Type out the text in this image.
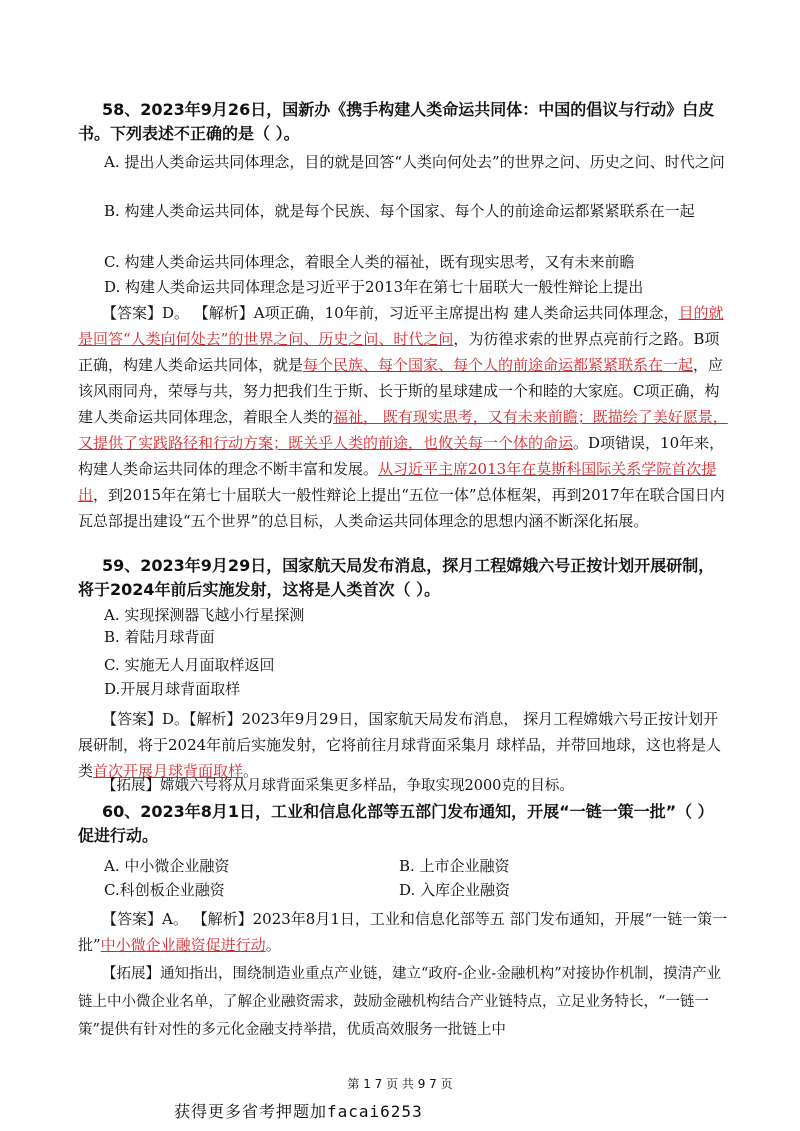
58、2023年9月26日，国新办《携手构建人类命运共同体：中国的倡议与行动》白皮书。下列表述不正确的是（ ）。

A. 提出人类命运共同体理念，目的就是回答“人类向何处去”的世界之问、历史之问、时代之问

B. 构建人类命运共同体，就是每个民族、每个国家、每个人的前途命运都紧紧联系在一起

C. 构建人类命运共同体理念，着眼全人类的福祉，既有现实思考，又有未来前瞻

D. 构建人类命运共同体理念是习近平于2013年在第七十届联大一般性辩论上提出

【答案】D。 【解析】A项正确，10年前，习近平主席提出构 建人类命运共同体理念，目的就是回答“人类向何处去”的世界之问、历史之问、时代之问，为彷徨求索的世界点亮前行之路。B项正确，构建人类命运共同体，就是每个民族、每个国家、每个人的前途命运都紧紧联系在一起，应该风雨同舟，荣辱与共，努力把我们生于斯、长于斯的星球建成一个和睦的大家庭。C项正确，构建人类命运共同体理念，着眼全人类的福祉， 既有现实思考，又有未来前瞻；既描绘了美好愿景，又提供了实践路径和行动方案；既关乎人类的前途，也攸关每一个体的命运。D项错误，10年来，构建人类命运共同体的理念不断丰富和发展。从习近平主席2013年在莫斯科国际关系学院首次提出，到2015年在第七十届联大一般性辩论上提出“五位一体”总体框架，再到2017年在联合国日内瓦总部提出建设“五个世界”的总目标，人类命运共同体理念的思想内涵不断深化拓展。

59、2023年9月29日，国家航天局发布消息，探月工程嫦娥六号正按计划开展研制，将于2024年前后实施发射，这将是人类首次（ ）。

A. 实现探测器飞越小行星探测

B. 着陆月球背面

C. 实施无人月面取样返回

D.开展月球背面取样

【答案】D。【解析】2023年9月29日，国家航天局发布消息， 探月工程嫦娥六号正按计划开展研制，将于2024年前后实施发射，它将前往月球背面采集月 球样品，并带回地球，这也将是人类首次开展月球背面取样。

【拓展】嫦娥六号将从月球背面采集更多样品，争取实现2000克的目标。

60、2023年8月1日，工业和信息化部等五部门发布通知，开展“一链一策一批”（ ）促进行动。

A. 中小微企业融资	B. 上市企业融资
C.科创板企业融资	D. 入库企业融资

【答案】A。 【解析】2023年8月1日，工业和信息化部等五 部门发布通知，开展“一链一策一批”中小微企业融资促进行动。

【拓展】通知指出，围绕制造业重点产业链，建立“政府-企业-金融机构”对接协作机制，摸清产业链上中小微企业名单，了解企业融资需求，鼓励金融机构结合产业链特点，立足业务特长，“一链一策”提供有针对性的多元化金融支持举措，优质高效服务一批链上中

第 1 7 页 共 9 7 页
获得更多省考押题加facai6253
